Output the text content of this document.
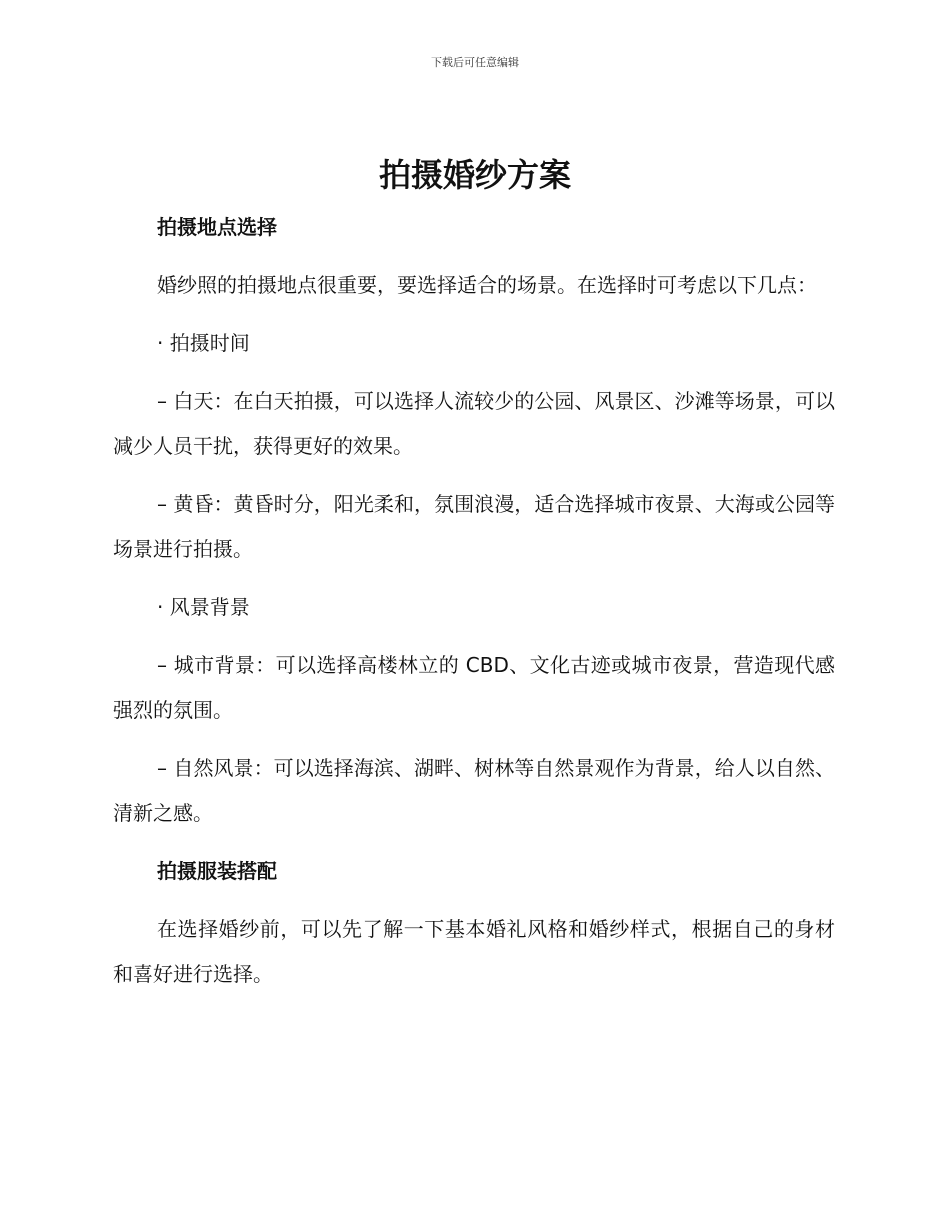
下载后可任意编辑
拍摄婚纱方案

拍摄地点选择

婚纱照的拍摄地点很重要，要选择适合的场景。在选择时可考虑以下几点：

· 拍摄时间

– 白天：在白天拍摄，可以选择人流较少的公园、风景区、沙滩等场景，可以减少人员干扰，获得更好的效果。

– 黄昏：黄昏时分，阳光柔和，氛围浪漫，适合选择城市夜景、大海或公园等场景进行拍摄。

· 风景背景

– 城市背景：可以选择高楼林立的 CBD、文化古迹或城市夜景，营造现代感强烈的氛围。

– 自然风景：可以选择海滨、湖畔、树林等自然景观作为背景，给人以自然、清新之感。

拍摄服装搭配

在选择婚纱前，可以先了解一下基本婚礼风格和婚纱样式，根据自己的身材和喜好进行选择。
